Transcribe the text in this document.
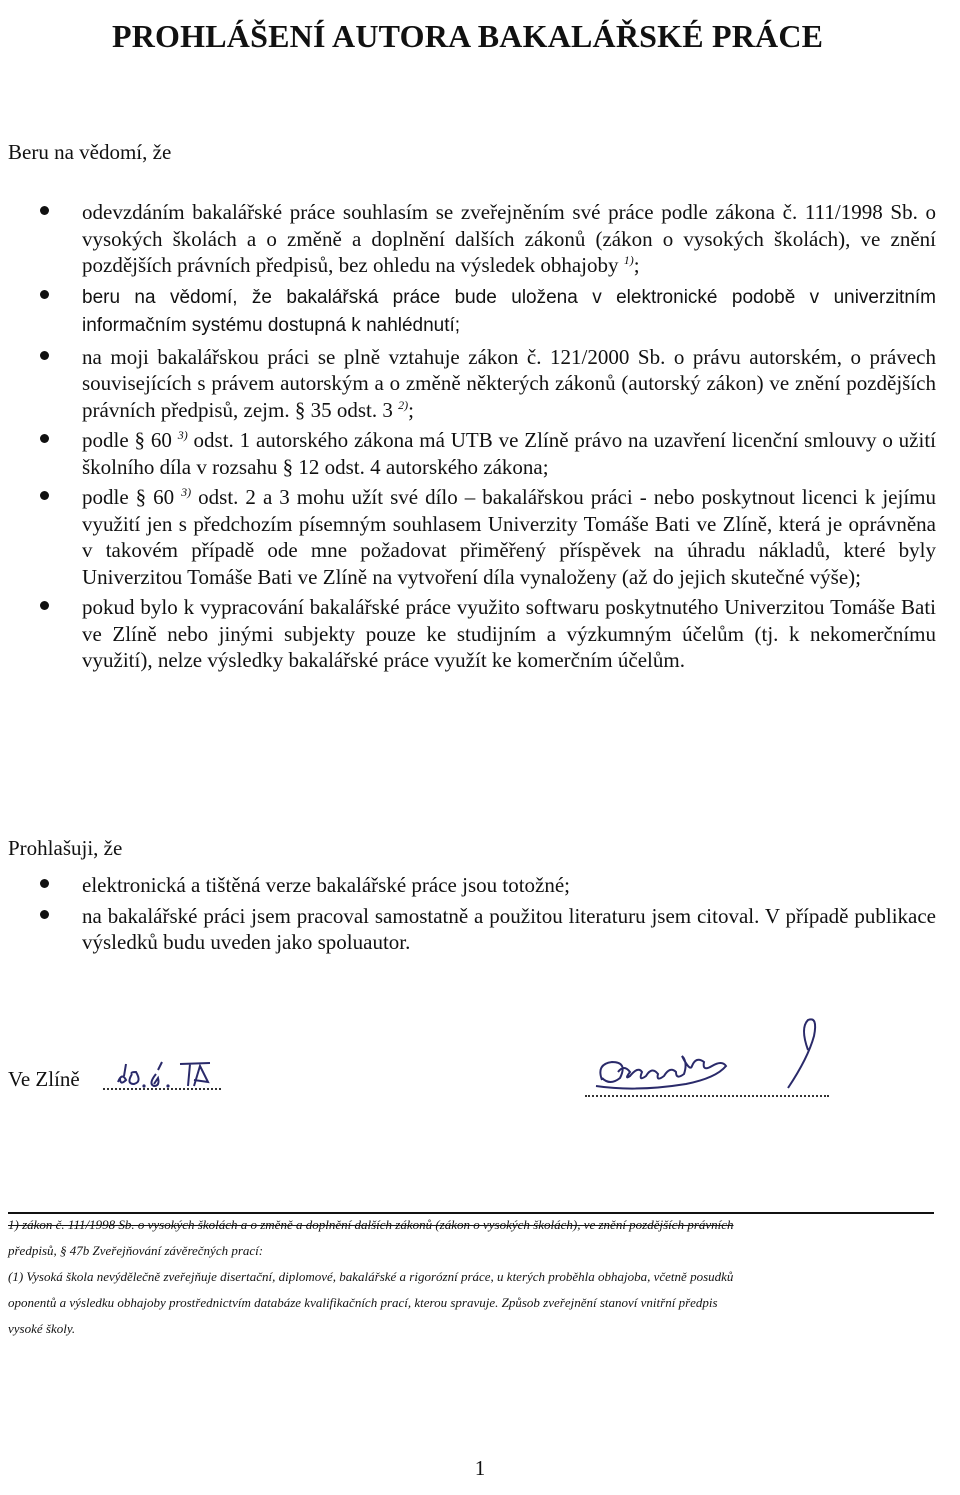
PROHLÁŠENÍ AUTORA BAKALÁŘSKÉ PRÁCE
Beru na vědomí, že
odevzdáním bakalářské práce souhlasím se zveřejněním své práce podle zákona č. 111/1998 Sb. o vysokých školách a o změně a doplnění dalších zákonů (zákon o vysokých školách), ve znění pozdějších právních předpisů, bez ohledu na výsledek obhajoby $^{1)}$;
beru na vědomí, že bakalářská práce bude uložena v elektronické podobě v univerzitním informačním systému dostupná k nahlédnutí;
na moji bakalářskou práci se plně vztahuje zákon č. 121/2000 Sb. o právu autorském, o právech souvisejících s právem autorským a o změně některých zákonů (autorský zákon) ve znění pozdějších právních předpisů, zejm. § 35 odst. 3 $^{2)}$;
podle § 60 $^{3)}$ odst. 1 autorského zákona má UTB ve Zlíně právo na uzavření licenční smlouvy o užití školního díla v rozsahu § 12 odst. 4 autorského zákona;
podle § 60 $^{3)}$ odst. 2 a 3 mohu užít své dílo – bakalářskou práci - nebo poskytnout licenci k jejímu využití jen s předchozím písemným souhlasem Univerzity Tomáše Bati ve Zlíně, která je oprávněna v takovém případě ode mne požadovat přiměřený příspěvek na úhradu nákladů, které byly Univerzitou Tomáše Bati ve Zlíně na vytvoření díla vynaloženy (až do jejich skutečné výše);
pokud bylo k vypracování bakalářské práce využito softwaru poskytnutého Univerzitou Tomáše Bati ve Zlíně nebo jinými subjekty pouze ke studijním a výzkumným účelům (tj. k nekomerčnímu využití), nelze výsledky bakalářské práce využít ke komerčním účelům.
Prohlašuji, že
elektronická a tištěná verze bakalářské práce jsou totožné;
na bakalářské práci jsem pracoval samostatně a použitou literaturu jsem citoval. V případě publikace výsledků budu uveden jako spoluautor.
Ve Zlíně

1) zákon č. 111/1998 Sb. o vysokých školách a o změně a doplnění dalších zákonů (zákon o vysokých školách), ve znění pozdějších právních

předpisů, § 47b Zveřejňování závěrečných prací:

(1) Vysoká škola nevýdělečně zveřejňuje disertační, diplomové, bakalářské a rigorózní práce, u kterých proběhla obhajoba, včetně posudků

oponentů a výsledku obhajoby prostřednictvím databáze kvalifikačních prací, kterou spravuje. Způsob zveřejnění stanoví vnitřní předpis

vysoké školy.

1
